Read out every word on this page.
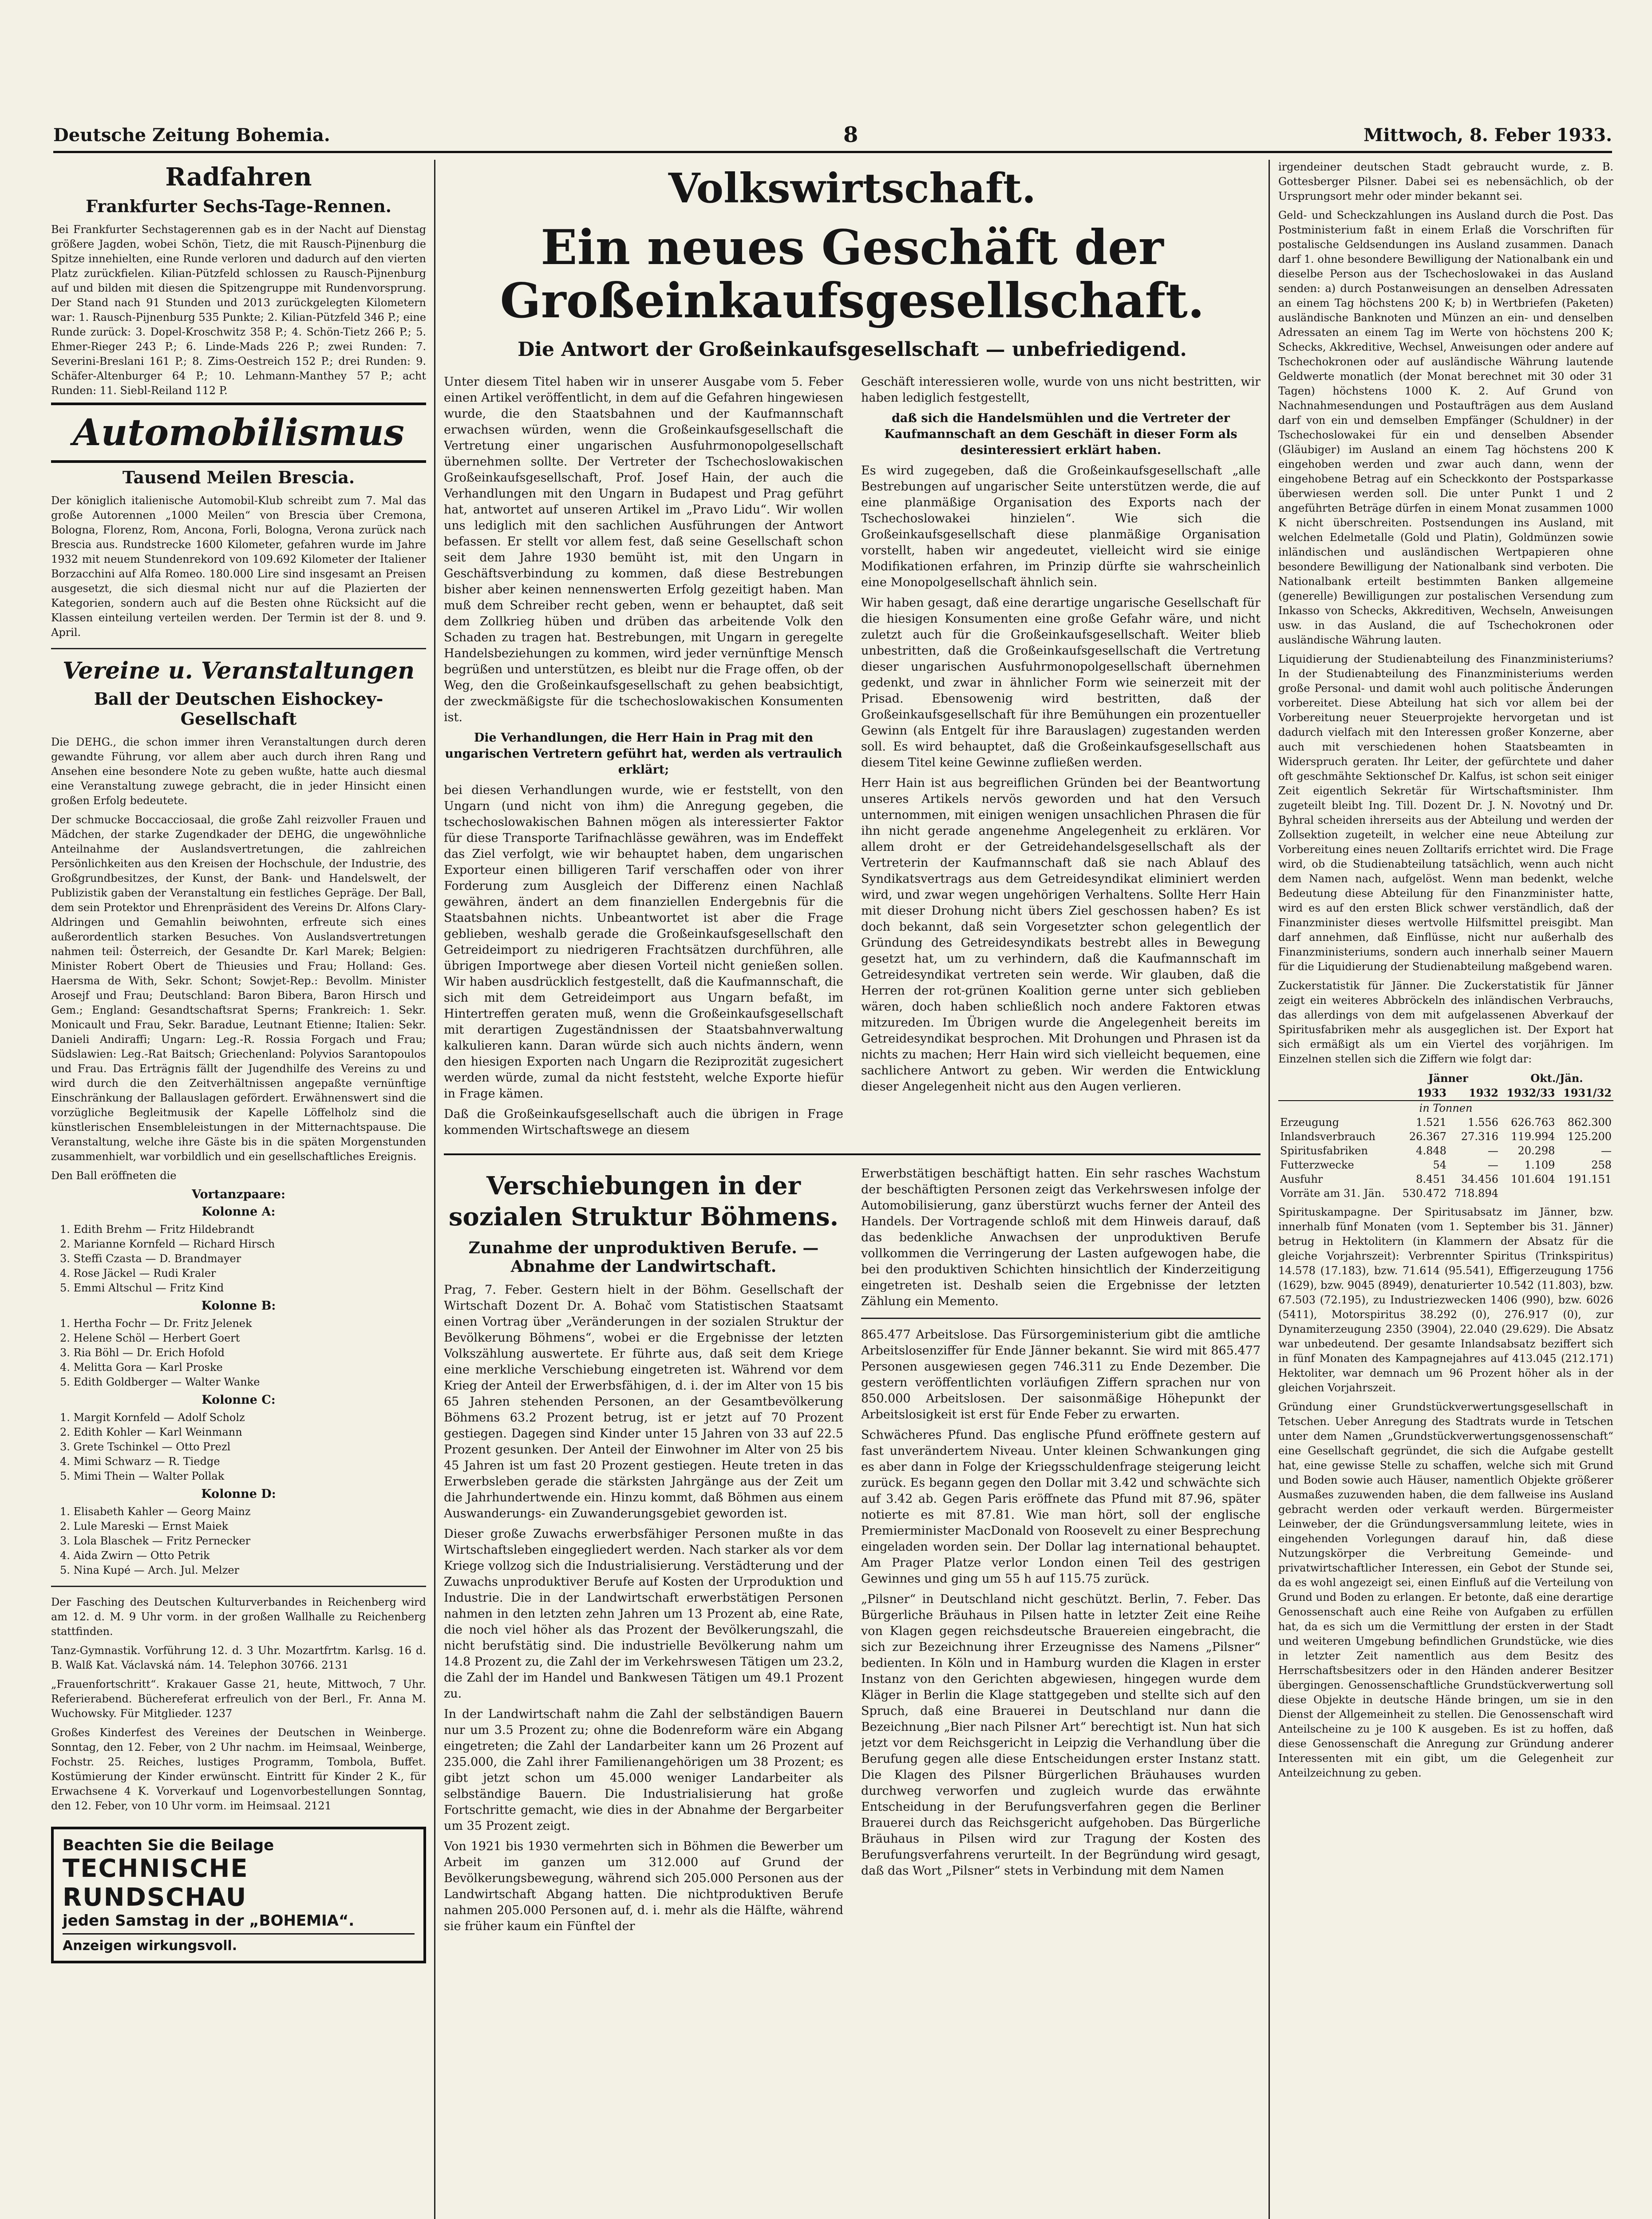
Deutsche Zeitung Bohemia.	8	Mittwoch, 8. Feber 1933.
Radfahren
Frankfurter Sechs-Tage-Rennen.
Bei Frankfurter Sechstagerennen gab es in der Nacht auf Dienstag größere Jagden, wobei Schön, Tietz, die mit Rausch-Pijnenburg die Spitze innehielten, eine Runde verloren und dadurch auf den vierten Platz zurückfielen. Kilian-Pützfeld schlossen zu Rausch-Pijnenburg auf und bilden mit diesen die Spitzengruppe mit Rundenvorsprung. Der Stand nach 91 Stunden und 2013 zurückgelegten Kilometern war: 1. Rausch-Pijnenburg 535 Punkte; 2. Kilian-Pützfeld 346 P.; eine Runde zurück: 3. Dopel-Kroschwitz 358 P.; 4. Schön-Tietz 266 P.; 5. Ehmer-Rieger 243 P.; 6. Linde-Mads 226 P.; zwei Runden: 7. Severini-Breslani 161 P.; 8. Zims-Oestreich 152 P.; drei Runden: 9. Schäfer-Altenburger 64 P.; 10. Lehmann-Manthey 57 P.; acht Runden: 11. Siebl-Reiland 112 P.
Automobilismus
Tausend Meilen Brescia.
Der königlich italienische Automobil-Klub schreibt zum 7. Mal das große Autorennen „1000 Meilen“ von Brescia über Cremona, Bologna, Florenz, Rom, Ancona, Forli, Bologna, Verona zurück nach Brescia aus. Rundstrecke 1600 Kilometer, gefahren wurde im Jahre 1932 mit neuem Stundenrekord von 109.692 Kilometer der Italiener Borzacchini auf Alfa Romeo. 180.000 Lire sind insgesamt an Preisen ausgesetzt, die sich diesmal nicht nur auf die Plazierten der Kategorien, sondern auch auf die Besten ohne Rücksicht auf die Klassen einteilung verteilen werden. Der Termin ist der 8. und 9. April.
Vereine u. Veranstaltungen
Ball der Deutschen Eishockey-Gesellschaft
Die DEHG., die schon immer ihren Veranstaltungen durch deren gewandte Führung, vor allem aber auch durch ihren Rang und Ansehen eine besondere Note zu geben wußte, hatte auch diesmal eine Veranstaltung zuwege gebracht, die in jeder Hinsicht einen großen Erfolg bedeutete.
Der schmucke Boccacciosaal, die große Zahl reizvoller Frauen und Mädchen, der starke Zugendkader der DEHG, die ungewöhnliche Anteilnahme der Auslandsvertretungen, die zahlreichen Persönlichkeiten aus den Kreisen der Hochschule, der Industrie, des Großgrundbesitzes, der Kunst, der Bank- und Handelswelt, der Publizistik gaben der Veranstaltung ein festliches Gepräge. Der Ball, dem sein Protektor und Ehrenpräsident des Vereins Dr. Alfons Clary-Aldringen und Gemahlin beiwohnten, erfreute sich eines außerordentlich starken Besuches. Von Auslandsvertretungen nahmen teil: Österreich, der Gesandte Dr. Karl Marek; Belgien: Minister Robert Obert de Thieusies und Frau; Holland: Ges. Haersma de With, Sekr. Schont; Sowjet-Rep.: Bevollm. Minister Arosejf und Frau; Deutschland: Baron Biberа, Baron Hirsch und Gem.; England: Gesandtschaftsrat Sperns; Frankreich: 1. Sekr. Monicault und Frau, Sekr. Baradue, Leutnant Etienne; Italien: Sekr. Danieli Andiraffi; Ungarn: Leg.-R. Rossia Forgach und Frau; Südslawien: Leg.-Rat Baitsch; Griechenland: Polyvios Sarantopoulos und Frau. Das Erträgnis fällt der Jugendhilfe des Vereins zu und wird durch die den Zeitverhältnissen angepaßte vernünftige Einschränkung der Ballauslagen gefördert. Erwähnenswert sind die vorzügliche Begleitmusik der Kapelle Löffelholz sind die künstlerischen Ensembleleistungen in der Mitternachtspause. Die Veranstaltung, welche ihre Gäste bis in die späten Morgenstunden zusammenhielt, war vorbildlich und ein gesellschaftliches Ereignis.
Den Ball eröffneten die
Vortanzpaare:
Kolonne A:
1. Edith Brehm — Fritz Hildebrandt
2. Marianne Kornfeld — Richard Hirsch
3. Steffi Czasta — D. Brandmayer
4. Rose Jäckel — Rudi Kraler
5. Emmi Altschul — Fritz Kind
Kolonne B:
1. Hertha Fochr — Dr. Fritz Jelenek
2. Helene Schöl — Herbert Goert
3. Ria Böhl — Dr. Erich Hofold
4. Melitta Gora — Karl Proske
5. Edith Goldberger — Walter Wanke
Kolonne C:
1. Margit Kornfeld — Adolf Scholz
2. Edith Kohler — Karl Weinmann
3. Grete Tschinkel — Otto Prezl
4. Mimi Schwarz — R. Tiedge
5. Mimi Thein — Walter Pollak
Kolonne D:
1. Elisabeth Kahler — Georg Mainz
2. Lule Mareski — Ernst Maiek
3. Lola Blaschek — Fritz Pernecker
4. Aida Zwirn — Otto Petrik
5. Nina Kupé — Arch. Jul. Melzer
Der Fasching des Deutschen Kulturverbandes in Reichenberg wird am 12. d. M. 9 Uhr vorm. in der großen Wallhalle zu Reichenberg stattfinden.
Tanz-Gymnastik. Vorführung 12. d. 3 Uhr. Mozartfrtm. Karlsg. 16 d. B. Walß Kat. Václavská nám. 14. Telephon 30766. 2131
„Frauenfortschritt“. Krakauer Gasse 21, heute, Mittwoch, 7 Uhr. Referierabend. Büchereferat erfreulich von der Berl., Fr. Anna M. Wuchowsky. Für Mitglieder. 1237
Großes Kinderfest des Vereines der Deutschen in Weinberge. Sonntag, den 12. Feber, von 2 Uhr nachm. im Heimsaal, Weinberge, Fochstr. 25. Reiches, lustiges Programm, Tombola, Buffet. Kostümierung der Kinder erwünscht. Eintritt für Kinder 2 K., für Erwachsene 4 K. Vorverkauf und Logenvorbestellungen Sonntag, den 12. Feber, von 10 Uhr vorm. im Heimsaal. 2121
Beachten Sie die Beilage
TECHNISCHE RUNDSCHAU
jeden Samstag in der „BOHEMIA“.
Anzeigen wirkungsvoll.
Volkswirtschaft.
Ein neues Geschäft der Großeinkaufsgesellschaft.
Die Antwort der Großeinkaufsgesellschaft — unbefriedigend.
Unter diesem Titel haben wir in unserer Ausgabe vom 5. Feber einen Artikel veröffentlicht, in dem auf die Gefahren hingewiesen wurde, die den Staatsbahnen und der Kaufmannschaft erwachsen würden, wenn die Großeinkaufsgesellschaft die Vertretung einer ungarischen Ausfuhrmonopolgesellschaft übernehmen sollte. Der Vertreter der Tschechoslowakischen Großeinkaufsgesellschaft, Prof. Josef Hain, der auch die Verhandlungen mit den Ungarn in Budapest und Prag geführt hat, antwortet auf unseren Artikel im „Pravo Lidu“. Wir wollen uns lediglich mit den sachlichen Ausführungen der Antwort befassen. Er stellt vor allem fest, daß seine Gesellschaft schon seit dem Jahre 1930 bemüht ist, mit den Ungarn in Geschäftsverbindung zu kommen, daß diese Bestrebungen bisher aber keinen nennenswerten Erfolg gezeitigt haben. Man muß dem Schreiber recht geben, wenn er behauptet, daß seit dem Zollkrieg hüben und drüben das arbeitende Volk den Schaden zu tragen hat. Bestrebungen, mit Ungarn in geregelte Handelsbeziehungen zu kommen, wird jeder vernünftige Mensch begrüßen und unterstützen, es bleibt nur die Frage offen, ob der Weg, den die Großeinkaufsgesellschaft zu gehen beabsichtigt, der zweckmäßigste für die tschechoslowakischen Konsumenten ist.
Die Verhandlungen, die Herr Hain in Prag mit den ungarischen Vertretern geführt hat, werden als vertraulich erklärt;
bei diesen Verhandlungen wurde, wie er feststellt, von den Ungarn (und nicht von ihm) die Anregung gegeben, die tschechoslowakischen Bahnen mögen als interessierter Faktor für diese Transporte Tarifnachlässe gewähren, was im Endeffekt das Ziel verfolgt, wie wir behauptet haben, dem ungarischen Exporteur einen billigeren Tarif verschaffen oder von ihrer Forderung zum Ausgleich der Differenz einen Nachlaß gewähren, ändert an dem finanziellen Endergebnis für die Staatsbahnen nichts. Unbeantwortet ist aber die Frage geblieben, weshalb gerade die Großeinkaufsgesellschaft den Getreideimport zu niedrigeren Frachtsätzen durchführen, alle übrigen Importwege aber diesen Vorteil nicht genießen sollen. Wir haben ausdrücklich festgestellt, daß die Kaufmannschaft, die sich mit dem Getreideimport aus Ungarn befaßt, im Hintertreffen geraten muß, wenn die Großeinkaufsgesellschaft mit derartigen Zugeständnissen der Staatsbahnverwaltung kalkulieren kann. Daran würde sich auch nichts ändern, wenn den hiesigen Exporten nach Ungarn die Reziprozität zugesichert werden würde, zumal da nicht feststeht, welche Exporte hiefür in Frage kämen.
Daß die Großeinkaufsgesellschaft auch die übrigen in Frage kommenden Wirtschaftswege an diesem
Geschäft interessieren wolle, wurde von uns nicht bestritten, wir haben lediglich festgestellt,
daß sich die Handelsmühlen und die Vertreter der Kaufmannschaft an dem Geschäft in dieser Form als desinteressiert erklärt haben.
Es wird zugegeben, daß die Großeinkaufsgesellschaft „alle Bestrebungen auf ungarischer Seite unterstützen werde, die auf eine planmäßige Organisation des Exports nach der Tschechoslowakei hinzielen“. Wie sich die Großeinkaufsgesellschaft diese planmäßige Organisation vorstellt, haben wir angedeutet, vielleicht wird sie einige Modifikationen erfahren, im Prinzip dürfte sie wahrscheinlich eine Monopolgesellschaft ähnlich sein.
Wir haben gesagt, daß eine derartige ungarische Gesellschaft für die hiesigen Konsumenten eine große Gefahr wäre, und nicht zuletzt auch für die Großeinkaufsgesellschaft. Weiter blieb unbestritten, daß die Großeinkaufsgesellschaft die Vertretung dieser ungarischen Ausfuhrmonopolgesellschaft übernehmen gedenkt, und zwar in ähnlicher Form wie seinerzeit mit der Prisad. Ebensowenig wird bestritten, daß der Großeinkaufsgesellschaft für ihre Bemühungen ein prozentueller Gewinn (als Entgelt für ihre Barauslagen) zugestanden werden soll. Es wird behauptet, daß die Großeinkaufsgesellschaft aus diesem Titel keine Gewinne zufließen werden.
Herr Hain ist aus begreiflichen Gründen bei der Beantwortung unseres Artikels nervös geworden und hat den Versuch unternommen, mit einigen wenigen unsachlichen Phrasen die für ihn nicht gerade angenehme Angelegenheit zu erklären. Vor allem droht er der Getreidehandelsgesellschaft als der Vertreterin der Kaufmannschaft daß sie nach Ablauf des Syndikatsvertrags aus dem Getreidesyndikat eliminiert werden wird, und zwar wegen ungehörigen Verhaltens. Sollte Herr Hain mit dieser Drohung nicht übers Ziel geschossen haben? Es ist doch bekannt, daß sein Vorgesetzter schon gelegentlich der Gründung des Getreidesyndikats bestrebt alles in Bewegung gesetzt hat, um zu verhindern, daß die Kaufmannschaft im Getreidesyndikat vertreten sein werde. Wir glauben, daß die Herren der rot-grünen Koalition gerne unter sich geblieben wären, doch haben schließlich noch andere Faktoren etwas mitzureden. Im Übrigen wurde die Angelegenheit bereits im Getreidesyndikat besprochen. Mit Drohungen und Phrasen ist da nichts zu machen; Herr Hain wird sich vielleicht bequemen, eine sachlichere Antwort zu geben. Wir werden die Entwicklung dieser Angelegenheit nicht aus den Augen verlieren.
Verschiebungen in der sozialen Struktur Böhmens.
Zunahme der unproduktiven Berufe. — Abnahme der Landwirtschaft.
Prag, 7. Feber. Gestern hielt in der Böhm. Gesellschaft der Wirtschaft Dozent Dr. A. Bohač vom Statistischen Staatsamt einen Vortrag über „Veränderungen in der sozialen Struktur der Bevölkerung Böhmens“, wobei er die Ergebnisse der letzten Volkszählung auswertete. Er führte aus, daß seit dem Kriege eine merkliche Verschiebung eingetreten ist. Während vor dem Krieg der Anteil der Erwerbsfähigen, d. i. der im Alter von 15 bis 65 Jahren stehenden Personen, an der Gesamtbevölkerung Böhmens 63.2 Prozent betrug, ist er jetzt auf 70 Prozent gestiegen. Dagegen sind Kinder unter 15 Jahren von 33 auf 22.5 Prozent gesunken. Der Anteil der Einwohner im Alter von 25 bis 45 Jahren ist um fast 20 Prozent gestiegen. Heute treten in das Erwerbsleben gerade die stärksten Jahrgänge aus der Zeit um die Jahrhundertwende ein. Hinzu kommt, daß Böhmen aus einem Auswanderungs- ein Zuwanderungsgebiet geworden ist.
Dieser große Zuwachs erwerbsfähiger Personen mußte in das Wirtschaftsleben eingegliedert werden. Nach starker als vor dem Kriege vollzog sich die Industrialisierung. Verstädterung und der Zuwachs unproduktiver Berufe auf Kosten der Urproduktion und Industrie. Die in der Landwirtschaft erwerbstätigen Personen nahmen in den letzten zehn Jahren um 13 Prozent ab, eine Rate, die noch viel höher als das Prozent der Bevölkerungszahl, die nicht berufstätig sind. Die industrielle Bevölkerung nahm um 14.8 Prozent zu, die Zahl der im Verkehrswesen Tätigen um 23.2, die Zahl der im Handel und Bankwesen Tätigen um 49.1 Prozent zu.
In der Landwirtschaft nahm die Zahl der selbständigen Bauern nur um 3.5 Prozent zu; ohne die Bodenreform wäre ein Abgang eingetreten; die Zahl der Landarbeiter kann um 26 Prozent auf 235.000, die Zahl ihrer Familienangehörigen um 38 Prozent; es gibt jetzt schon um 45.000 weniger Landarbeiter als selbständige Bauern. Die Industrialisierung hat große Fortschritte gemacht, wie dies in der Abnahme der Bergarbeiter um 35 Prozent zeigt.
Von 1921 bis 1930 vermehrten sich in Böhmen die Bewerber um Arbeit im ganzen um 312.000 auf Grund der Bevölkerungsbewegung, während sich 205.000 Personen aus der Landwirtschaft Abgang hatten. Die nichtproduktiven Berufe nahmen 205.000 Personen auf, d. i. mehr als die Hälfte, während sie früher kaum ein Fünftel der
Erwerbstätigen beschäftigt hatten. Ein sehr rasches Wachstum der beschäftigten Personen zeigt das Verkehrswesen infolge der Automobilisierung, ganz überstürzt wuchs ferner der Anteil des Handels. Der Vortragende schloß mit dem Hinweis darauf, daß das bedenkliche Anwachsen der unproduktiven Berufe vollkommen die Verringerung der Lasten aufgewogen habe, die bei den produktiven Schichten hinsichtlich der Kinderzeitigung eingetreten ist. Deshalb seien die Ergebnisse der letzten Zählung ein Memento.
865.477 Arbeitslose. Das Fürsorgeministerium gibt die amtliche Arbeitslosenziffer für Ende Jänner bekannt. Sie wird mit 865.477 Personen ausgewiesen gegen 746.311 zu Ende Dezember. Die gestern veröffentlichten vorläufigen Ziffern sprachen nur von 850.000 Arbeitslosen. Der saisonmäßige Höhepunkt der Arbeitslosigkeit ist erst für Ende Feber zu erwarten.
Schwächeres Pfund. Das englische Pfund eröffnete gestern auf fast unverändertem Niveau. Unter kleinen Schwankungen ging es aber dann in Folge der Kriegsschuldenfrage steigerung leicht zurück. Es begann gegen den Dollar mit 3.42 und schwächte sich auf 3.42 ab. Gegen Paris eröffnete das Pfund mit 87.96, später notierte es mit 87.81. Wie man hört, soll der englische Premierminister MacDonald von Roosevelt zu einer Besprechung eingeladen worden sein. Der Dollar lag international behauptet. Am Prager Platze verlor London einen Teil des gestrigen Gewinnes und ging um 55 h auf 115.75 zurück.
„Pilsner“ in Deutschland nicht geschützt. Berlin, 7. Feber. Das Bürgerliche Bräuhaus in Pilsen hatte in letzter Zeit eine Reihe von Klagen gegen reichsdeutsche Brauereien eingebracht, die sich zur Bezeichnung ihrer Erzeugnisse des Namens „Pilsner“ bedienten. In Köln und in Hamburg wurden die Klagen in erster Instanz von den Gerichten abgewiesen, hingegen wurde dem Kläger in Berlin die Klage stattgegeben und stellte sich auf den Spruch, daß eine Brauerei in Deutschland nur dann die Bezeichnung „Bier nach Pilsner Art“ berechtigt ist. Nun hat sich jetzt vor dem Reichsgericht in Leipzig die Verhandlung über die Berufung gegen alle diese Entscheidungen erster Instanz statt. Die Klagen des Pilsner Bürgerlichen Bräuhauses wurden durchweg verworfen und zugleich wurde das erwähnte Entscheidung in der Berufungsverfahren gegen die Berliner Brauerei durch das Reichsgericht aufgehoben. Das Bürgerliche Bräuhaus in Pilsen wird zur Tragung der Kosten des Berufungsverfahrens verurteilt. In der Begründung wird gesagt, daß das Wort „Pilsner“ stets in Verbindung mit dem Namen
irgendeiner deutschen Stadt gebraucht wurde, z. B. Gottesberger Pilsner. Dabei sei es nebensächlich, ob der Ursprungsort mehr oder minder bekannt sei.
Geld- und Scheckzahlungen ins Ausland durch die Post. Das Postministerium faßt in einem Erlaß die Vorschriften für postalische Geldsendungen ins Ausland zusammen. Danach darf 1. ohne besondere Bewilligung der Nationalbank ein und dieselbe Person aus der Tschechoslowakei in das Ausland senden: a) durch Postanweisungen an denselben Adressaten an einem Tag höchstens 200 K; b) in Wertbriefen (Paketen) ausländische Banknoten und Münzen an ein- und denselben Adressaten an einem Tag im Werte von höchstens 200 K; Schecks, Akkreditive, Wechsel, Anweisungen oder andere auf Tschechokronen oder auf ausländische Währung lautende Geldwerte monatlich (der Monat berechnet mit 30 oder 31 Tagen) höchstens 1000 K. 2. Auf Grund von Nachnahmesendungen und Postaufträgen aus dem Ausland darf von ein und demselben Empfänger (Schuldner) in der Tschechoslowakei für ein und denselben Absender (Gläubiger) im Ausland an einem Tag höchstens 200 K eingehoben werden und zwar auch dann, wenn der eingehobene Betrag auf ein Scheckkonto der Postsparkasse überwiesen werden soll. Die unter Punkt 1 und 2 angeführten Beträge dürfen in einem Monat zusammen 1000 K nicht überschreiten. Postsendungen ins Ausland, mit welchen Edelmetalle (Gold und Platin), Goldmünzen sowie inländischen und ausländischen Wertpapieren ohne besondere Bewilligung der Nationalbank sind verboten. Die Nationalbank erteilt bestimmten Banken allgemeine (generelle) Bewilligungen zur postalischen Versendung zum Inkasso von Schecks, Akkreditiven, Wechseln, Anweisungen usw. in das Ausland, die auf Tschechokronen oder ausländische Währung lauten.
Liquidierung der Studienabteilung des Finanzministeriums? In der Studienabteilung des Finanzministeriums werden große Personal- und damit wohl auch politische Änderungen vorbereitet. Diese Abteilung hat sich vor allem bei der Vorbereitung neuer Steuerprojekte hervorgetan und ist dadurch vielfach mit den Interessen großer Konzerne, aber auch mit verschiedenen hohen Staatsbeamten in Widerspruch geraten. Ihr Leiter, der gefürchtete und daher oft geschmähte Sektionschef Dr. Kalfus, ist schon seit einiger Zeit eigentlich Sekretär für Wirtschaftsminister. Ihm zugeteilt bleibt Ing. Till. Dozent Dr. J. N. Novotný und Dr. Byhral scheiden ihrerseits aus der Abteilung und werden der Zollsektion zugeteilt, in welcher eine neue Abteilung zur Vorbereitung eines neuen Zolltarifs errichtet wird. Die Frage wird, ob die Studienabteilung tatsächlich, wenn auch nicht dem Namen nach, aufgelöst. Wenn man bedenkt, welche Bedeutung diese Abteilung für den Finanzminister hatte, wird es auf den ersten Blick schwer verständlich, daß der Finanzminister dieses wertvolle Hilfsmittel preisgibt. Man darf annehmen, daß Einflüsse, nicht nur außerhalb des Finanzministeriums, sondern auch innerhalb seiner Mauern für die Liquidierung der Studienabteilung maßgebend waren.
Zuckerstatistik für Jänner. Die Zuckerstatistik für Jänner zeigt ein weiteres Abbröckeln des inländischen Verbrauchs, das allerdings von dem mit aufgelassenen Abverkauf der Spiritusfabriken mehr als ausgeglichen ist. Der Export hat sich ermäßigt als um ein Viertel des vorjährigen. Im Einzelnen stellen sich die Ziffern wie folgt dar:
	Jänner		Okt./Jän.	
	1933	1932	1932/33	1931/32
in Tonnen				
Erzeugung	1.521	1.556	626.763	862.300
Inlandsverbrauch	26.367	27.316	119.994	125.200
Spiritusfabriken	4.848	—	20.298	—
Futterzwecke	54	—	1.109	258
Ausfuhr	8.451	34.456	101.604	191.151
Vorräte am 31. Jän.	530.472	718.894		
Spirituskampagne. Der Spiritusabsatz im Jänner, bzw. innerhalb fünf Monaten (vom 1. September bis 31. Jänner) betrug in Hektolitern (in Klammern der Absatz für die gleiche Vorjahrszeit): Verbrennter Spiritus (Trinkspiritus) 14.578 (17.183), bzw. 71.614 (95.541), Effigerzeugung 1756 (1629), bzw. 9045 (8949), denaturierter 10.542 (11.803), bzw. 67.503 (72.195), zu Industriezwecken 1406 (990), bzw. 6026 (5411), Motorspiritus 38.292 (0), 276.917 (0), zur Dynamiterzeugung 2350 (3904), 22.040 (29.629). Die Absatz war unbedeutend. Der gesamte Inlandsabsatz beziffert sich in fünf Monaten des Kampagnejahres auf 413.045 (212.171) Hektoliter, war demnach um 96 Prozent höher als in der gleichen Vorjahrszeit.
Gründung einer Grundstückverwertungsgesellschaft in Tetschen. Ueber Anregung des Stadtrats wurde in Tetschen unter dem Namen „Grundstückverwertungsgenossenschaft“ eine Gesellschaft gegründet, die sich die Aufgabe gestellt hat, eine gewisse Stelle zu schaffen, welche sich mit Grund und Boden sowie auch Häuser, namentlich Objekte größerer Ausmaßes zuzuwenden haben, die dem fallweise ins Ausland gebracht werden oder verkauft werden. Bürgermeister Leinweber, der die Gründungsversammlung leitete, wies in eingehenden Vorlegungen darauf hin, daß diese Nutzungskörper die Verbreitung Gemeinde- und privatwirtschaftlicher Interessen, ein Gebot der Stunde sei, da es wohl angezeigt sei, einen Einfluß auf die Verteilung von Grund und Boden zu erlangen. Er betonte, daß eine derartige Genossenschaft auch eine Reihe von Aufgaben zu erfüllen hat, da es sich um die Vermittlung der ersten in der Stadt und weiteren Umgebung befindlichen Grundstücke, wie dies in letzter Zeit namentlich aus dem Besitz des Herrschaftsbesitzers oder in den Händen anderer Besitzer übergingen. Genossenschaftliche Grundstückverwertung soll diese Objekte in deutsche Hände bringen, um sie in den Dienst der Allgemeinheit zu stellen. Die Genossenschaft wird Anteilscheine zu je 100 K ausgeben. Es ist zu hoffen, daß diese Genossenschaft die Anregung zur Gründung anderer Interessenten mit ein gibt, um die Gelegenheit zur Anteilzeichnung zu geben.
